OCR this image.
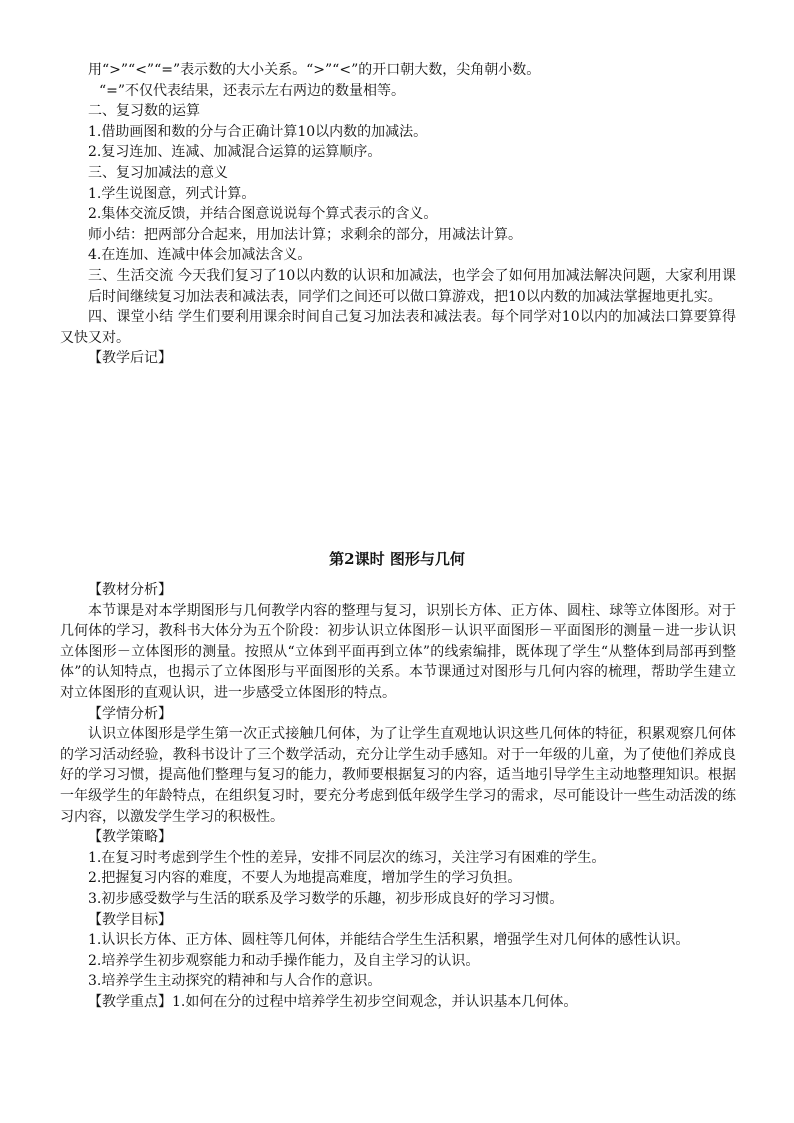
用“>”“<”“=”表示数的大小关系。“>”“<”的开口朝大数，尖角朝小数。

“=”不仅代表结果，还表示左右两边的数量相等。

二、复习数的运算

1.借助画图和数的分与合正确计算10以内数的加减法。

2.复习连加、连减、加减混合运算的运算顺序。

三、复习加减法的意义

1.学生说图意，列式计算。

2.集体交流反馈，并结合图意说说每个算式表示的含义。

师小结：把两部分合起来，用加法计算；求剩余的部分，用减法计算。

4.在连加、连减中体会加减法含义。

三、生活交流 今天我们复习了10以内数的认识和加减法，也学会了如何用加减法解决问题，大家利用课后时间继续复习加法表和减法表，同学们之间还可以做口算游戏，把10以内数的加减法掌握地更扎实。

四、课堂小结 学生们要利用课余时间自己复习加法表和减法表。每个同学对10以内的加减法口算要算得又快又对。

【教学后记】

第2课时 图形与几何

【教材分析】

本节课是对本学期图形与几何教学内容的整理与复习，识别长方体、正方体、圆柱、球等立体图形。对于几何体的学习，教科书大体分为五个阶段：初步认识立体图形－认识平面图形－平面图形的测量－进一步认识立体图形－立体图形的测量。按照从“立体到平面再到立体”的线索编排，既体现了学生“从整体到局部再到整体”的认知特点，也揭示了立体图形与平面图形的关系。本节课通过对图形与几何内容的梳理，帮助学生建立对立体图形的直观认识，进一步感受立体图形的特点。

【学情分析】

认识立体图形是学生第一次正式接触几何体，为了让学生直观地认识这些几何体的特征，积累观察几何体的学习活动经验，教科书设计了三个数学活动，充分让学生动手感知。对于一年级的儿童，为了使他们养成良好的学习习惯，提高他们整理与复习的能力，教师要根据复习的内容，适当地引导学生主动地整理知识。根据一年级学生的年龄特点，在组织复习时，要充分考虑到低年级学生学习的需求，尽可能设计一些生动活泼的练习内容，以激发学生学习的积极性。

【教学策略】

1.在复习时考虑到学生个性的差异，安排不同层次的练习，关注学习有困难的学生。

2.把握复习内容的难度，不要人为地提高难度，增加学生的学习负担。

3.初步感受数学与生活的联系及学习数学的乐趣，初步形成良好的学习习惯。

【教学目标】

1.认识长方体、正方体、圆柱等几何体，并能结合学生生活积累，增强学生对几何体的感性认识。

2.培养学生初步观察能力和动手操作能力，及自主学习的认识。

3.培养学生主动探究的精神和与人合作的意识。

【教学重点】1.如何在分的过程中培养学生初步空间观念，并认识基本几何体。
